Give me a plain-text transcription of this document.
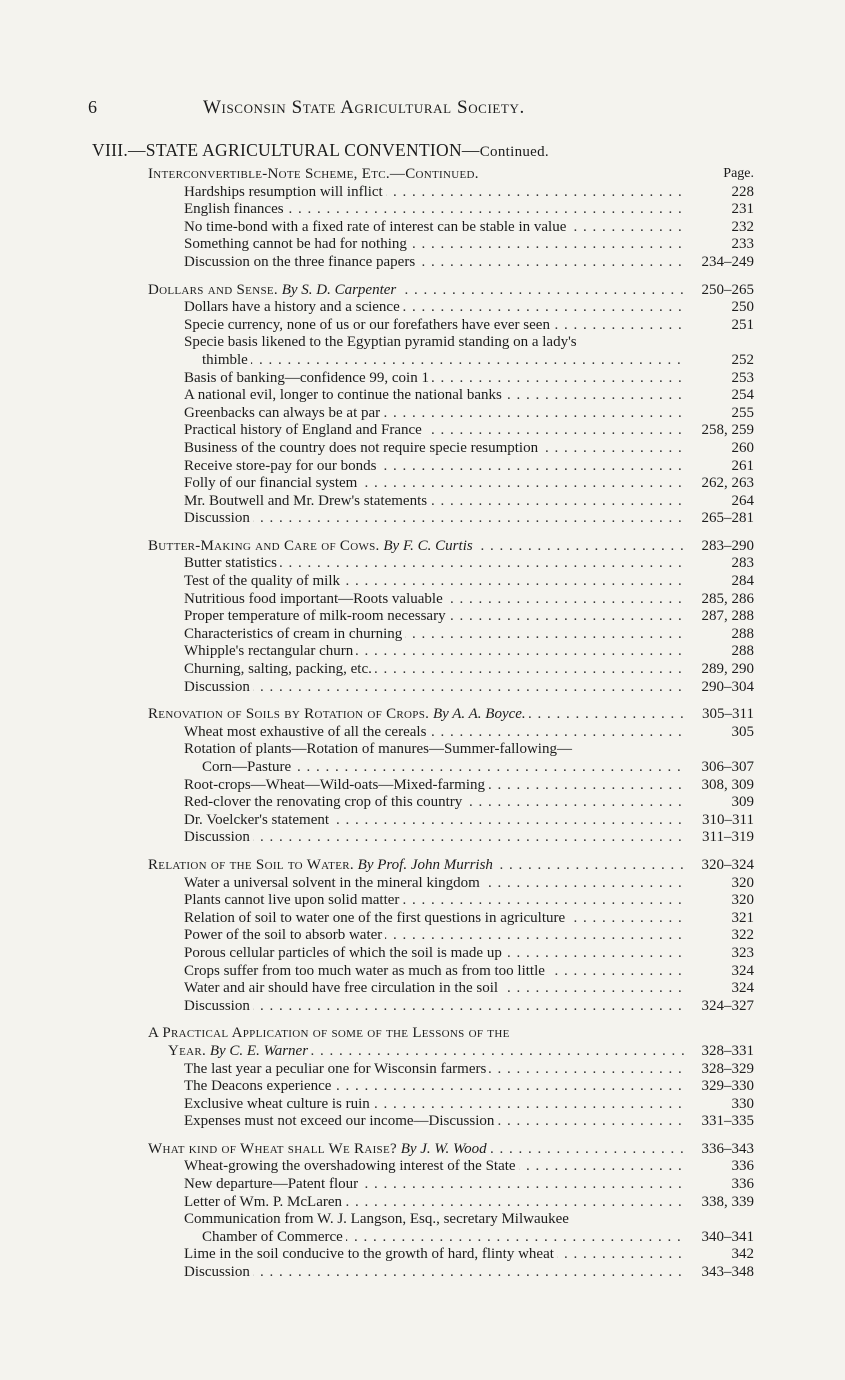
6	Wisconsin State Agricultural Society.
VIII.—STATE AGRICULTURAL CONVENTION—Continued.
Page.
Interconvertible-Note Scheme, Etc.—Continued.
Hardships resumption will inflict . . .	228
English finances . . .	231
No time-bond with a fixed rate of interest can be stable in value . . .	232
Something cannot be had for nothing . . .	233
Discussion on the three finance papers . . .	234–249
Dollars and Sense. By S. D. Carpenter . . .	250–265
Dollars have a history and a science . . .	250
Specie currency, none of us or our forefathers have ever seen . . .	251
Specie basis likened to the Egyptian pyramid standing on a lady's
thimble . . .	252
Basis of banking—confidence 99, coin 1 . . .	253
A national evil, longer to continue the national banks . . .	254
Greenbacks can always be at par . . .	255
Practical history of England and France . . .	258, 259
Business of the country does not require specie resumption . . .	260
Receive store-pay for our bonds . . .	261
Folly of our financial system . . .	262, 263
Mr. Boutwell and Mr. Drew's statements . . .	264
Discussion . . .	265–281
Butter-Making and Care of Cows. By F. C. Curtis . . .	283–290
Butter statistics . . .	283
Test of the quality of milk . . .	284
Nutritious food important—Roots valuable . . .	285, 286
Proper temperature of milk-room necessary . . .	287, 288
Characteristics of cream in churning . . .	288
Whipple's rectangular churn . . .	288
Churning, salting, packing, etc. . . .	289, 290
Discussion . . .	290–304
Renovation of Soils by Rotation of Crops. By A. A. Boyce. . . .	305–311
Wheat most exhaustive of all the cereals . . .	305
Rotation of plants—Rotation of manures—Summer-fallowing—
Corn—Pasture . . .	306–307
Root-crops—Wheat—Wild-oats—Mixed-farming . . .	308, 309
Red-clover the renovating crop of this country . . .	309
Dr. Voelcker's statement . . .	310–311
Discussion . . .	311–319
Relation of the Soil to Water. By Prof. John Murrish . . .	320–324
Water a universal solvent in the mineral kingdom . . .	320
Plants cannot live upon solid matter . . .	320
Relation of soil to water one of the first questions in agriculture . . .	321
Power of the soil to absorb water . . .	322
Porous cellular particles of which the soil is made up . . .	323
Crops suffer from too much water as much as from too little . . .	324
Water and air should have free circulation in the soil . . .	324
Discussion . . .	324–327
A Practical Application of some of the Lessons of the
Year. By C. E. Warner . . .	328–331
The last year a peculiar one for Wisconsin farmers . . .	328–329
The Deacons experience . . .	329–330
Exclusive wheat culture is ruin . . .	330
Expenses must not exceed our income—Discussion . . .	331–335
What kind of Wheat shall We Raise? By J. W. Wood . . .	336–343
Wheat-growing the overshadowing interest of the State . . .	336
New departure—Patent flour . . .	336
Letter of Wm. P. McLaren . . .	338, 339
Communication from W. J. Langson, Esq., secretary Milwaukee
Chamber of Commerce . . .	340–341
Lime in the soil conducive to the growth of hard, flinty wheat . . .	342
Discussion . . .	343–348
